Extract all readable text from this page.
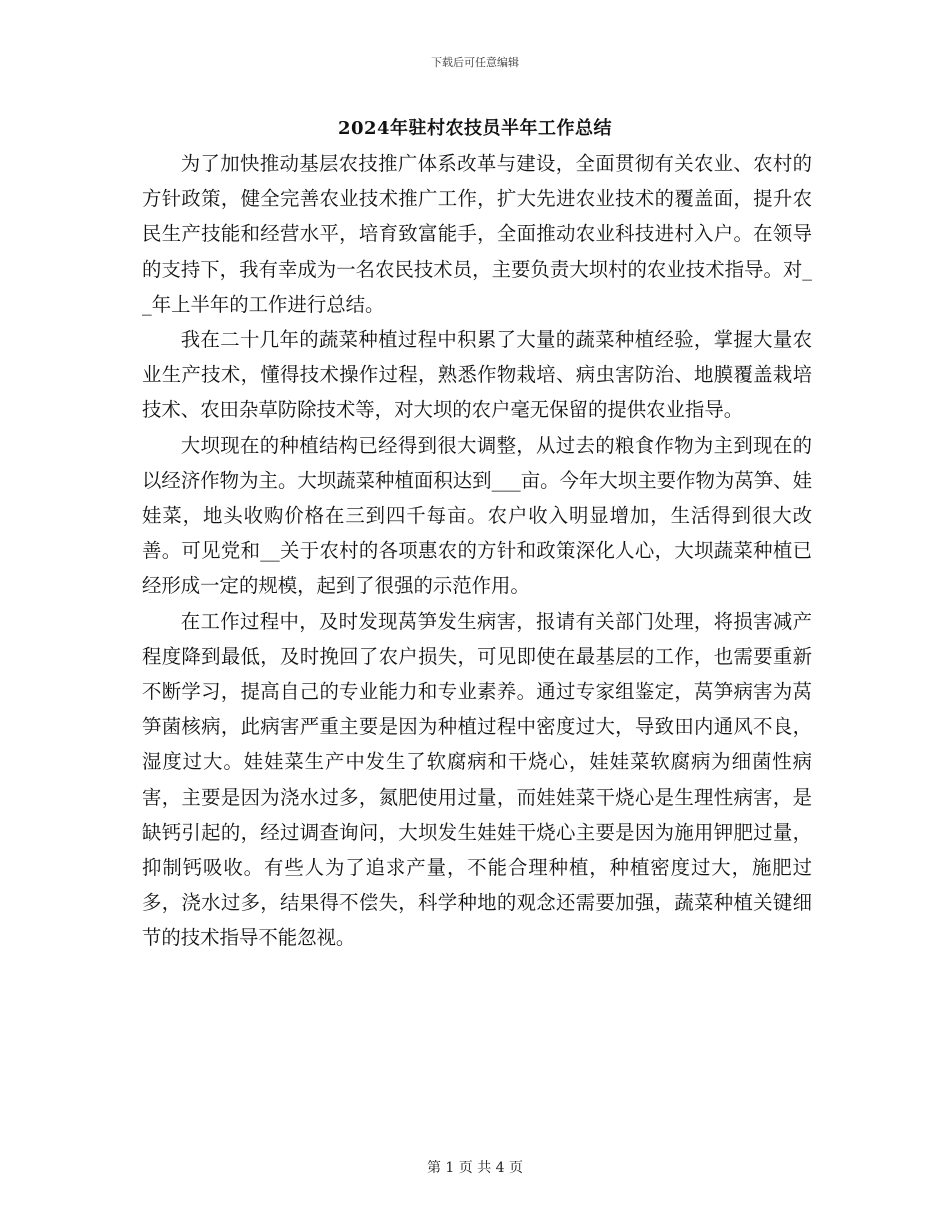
下载后可任意编辑
2024年驻村农技员半年工作总结

为了加快推动基层农技推广体系改革与建设，全面贯彻有关农业、农村的方针政策，健全完善农业技术推广工作，扩大先进农业技术的覆盖面，提升农民生产技能和经营水平，培育致富能手，全面推动农业科技进村入户。在领导的支持下，我有幸成为一名农民技术员，主要负责大坝村的农业技术指导。对__年上半年的工作进行总结。

我在二十几年的蔬菜种植过程中积累了大量的蔬菜种植经验，掌握大量农业生产技术，懂得技术操作过程，熟悉作物栽培、病虫害防治、地膜覆盖栽培技术、农田杂草防除技术等，对大坝的农户毫无保留的提供农业指导。

大坝现在的种植结构已经得到很大调整，从过去的粮食作物为主到现在的以经济作物为主。大坝蔬菜种植面积达到___亩。今年大坝主要作物为莴笋、娃娃菜，地头收购价格在三到四千每亩。农户收入明显增加，生活得到很大改善。可见党和__关于农村的各项惠农的方针和政策深化人心，大坝蔬菜种植已经形成一定的规模，起到了很强的示范作用。

在工作过程中，及时发现莴笋发生病害，报请有关部门处理，将损害减产程度降到最低，及时挽回了农户损失，可见即使在最基层的工作，也需要重新不断学习，提高自己的专业能力和专业素养。通过专家组鉴定，莴笋病害为莴笋菌核病，此病害严重主要是因为种植过程中密度过大，导致田内通风不良，湿度过大。娃娃菜生产中发生了软腐病和干烧心，娃娃菜软腐病为细菌性病害，主要是因为浇水过多，氮肥使用过量，而娃娃菜干烧心是生理性病害，是缺钙引起的，经过调查询问，大坝发生娃娃干烧心主要是因为施用钾肥过量，抑制钙吸收。有些人为了追求产量，不能合理种植，种植密度过大，施肥过多，浇水过多，结果得不偿失，科学种地的观念还需要加强，蔬菜种植关键细节的技术指导不能忽视。

第 1 页 共 4 页
